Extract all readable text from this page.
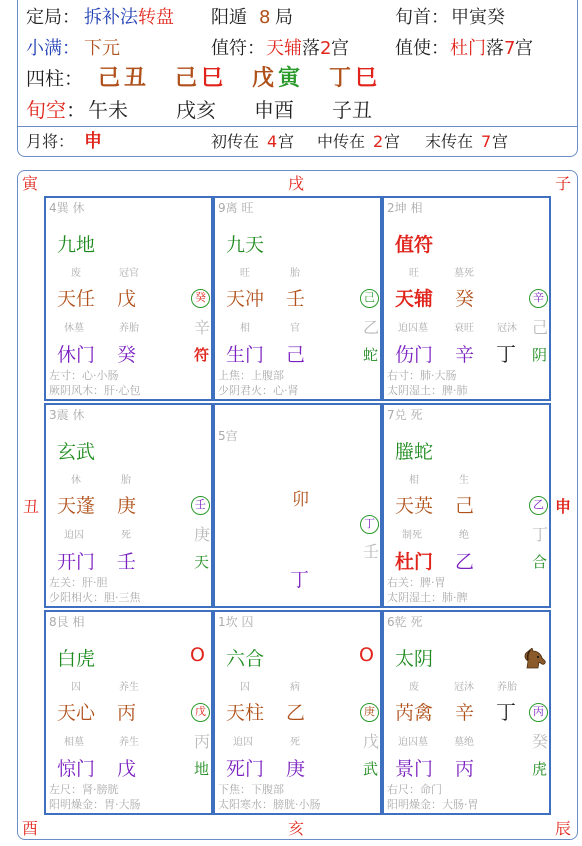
定局： 拆补法 转盘 阳遁 8 局	旬首： 甲寅癸
小满： 下元	值符： 天辅 落 2 宫	值使： 杜门 落 7 宫
四柱： 己 丑 己 巳 戊 寅 丁 巳
旬空 ： 午未 戌亥 申酉 子丑
月将： 申	初传在 4 宫 中传在 2 宫 末传在 7 宫
寅	戌	子
丑	申
酉	亥	辰
4巽 休
九地
废	冠官
天任 戊	癸
休墓	养胎	辛
休门 癸	符
左寸：心·小肠
厥阴风木：肝·心包
9离 旺
九天
旺	胎
天冲 壬	己
相	官	乙
生门 己	蛇
上焦：上腹部
少阴君火：心·肾
2坤 相
值符
旺	墓死
天辅 癸	辛
迫囚墓	衰旺 冠沐 己
伤门 辛 丁 阴
右寸：肺·大肠
太阴湿土：脾·肺
3震 休
玄武
休	胎
天蓬 庚	壬
迫囚	死	庚
开门 壬	天
左关：肝·胆
少阳相火：胆·三焦
5宫
卯
丁
壬
丁
7兑 死
螣蛇
相	生
天英 己	乙
制死	绝	丁
杜门 乙	合
右关：脾·胃
太阴湿土：肺·脾
8艮 相
白虎	O
囚	养生
天心 丙	戊
相墓	养生	丙
惊门 戊	地
左尺：肾·膀胱
阳明燥金：胃·大肠
1坎 囚
六合	O
囚	病
天柱 乙	庚
迫囚	死	戊
死门 庚	武
下焦：下腹部
太阳寒水：膀胱·小肠
6乾 死
太阴
废	冠沐 养胎
芮禽 辛 丁	丙
迫囚墓	墓绝	癸
景门 丙	虎
右尺：命门
阳明燥金：大肠·胃
